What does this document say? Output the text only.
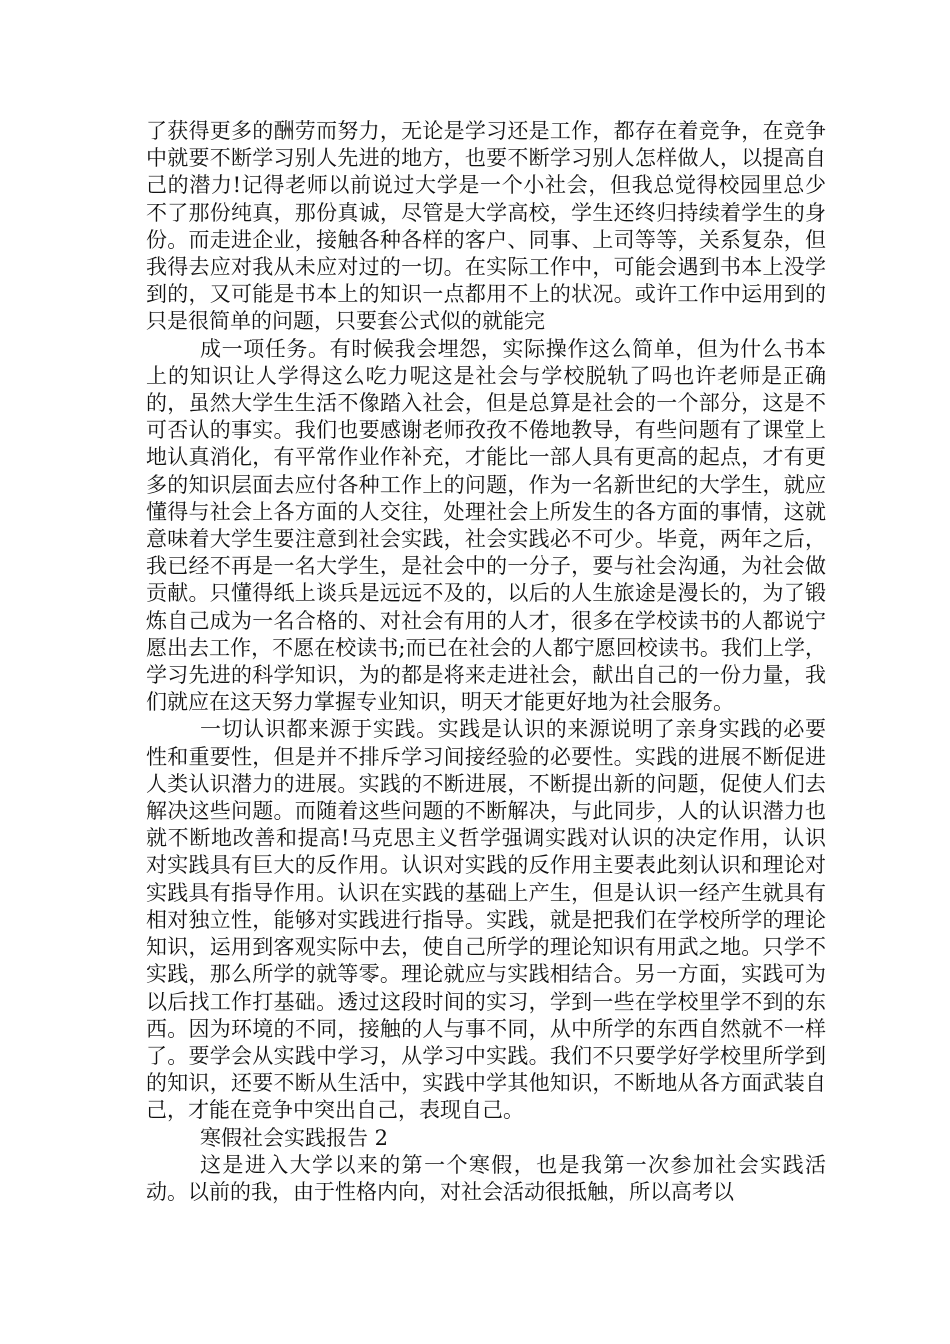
了获得更多的酬劳而努力，无论是学习还是工作，都存在着竞争，在竞争中就要不断学习别人先进的地方，也要不断学习别人怎样做人，以提高自己的潜力!记得老师以前说过大学是一个小社会，但我总觉得校园里总少不了那份纯真，那份真诚，尽管是大学高校，学生还终归持续着学生的身份。而走进企业，接触各种各样的客户、同事、上司等等，关系复杂，但我得去应对我从未应对过的一切。在实际工作中，可能会遇到书本上没学到的，又可能是书本上的知识一点都用不上的状况。或许工作中运用到的只是很简单的问题，只要套公式似的就能完

成一项任务。有时候我会埋怨，实际操作这么简单，但为什么书本上的知识让人学得这么吃力呢这是社会与学校脱轨了吗也许老师是正确的，虽然大学生生活不像踏入社会，但是总算是社会的一个部分，这是不可否认的事实。我们也要感谢老师孜孜不倦地教导，有些问题有了课堂上地认真消化，有平常作业作补充，才能比一部人具有更高的起点，才有更多的知识层面去应付各种工作上的问题，作为一名新世纪的大学生，就应懂得与社会上各方面的人交往，处理社会上所发生的各方面的事情，这就意味着大学生要注意到社会实践，社会实践必不可少。毕竟，两年之后，我已经不再是一名大学生，是社会中的一分子，要与社会沟通，为社会做贡献。只懂得纸上谈兵是远远不及的，以后的人生旅途是漫长的，为了锻炼自己成为一名合格的、对社会有用的人才，很多在学校读书的人都说宁愿出去工作，不愿在校读书;而已在社会的人都宁愿回校读书。我们上学，学习先进的科学知识，为的都是将来走进社会，献出自己的一份力量，我们就应在这天努力掌握专业知识，明天才能更好地为社会服务。

一切认识都来源于实践。实践是认识的来源说明了亲身实践的必要性和重要性，但是并不排斥学习间接经验的必要性。实践的进展不断促进人类认识潜力的进展。实践的不断进展，不断提出新的问题，促使人们去解决这些问题。而随着这些问题的不断解决，与此同步，人的认识潜力也就不断地改善和提高!马克思主义哲学强调实践对认识的决定作用，认识对实践具有巨大的反作用。认识对实践的反作用主要表此刻认识和理论对实践具有指导作用。认识在实践的基础上产生，但是认识一经产生就具有相对独立性，能够对实践进行指导。实践，就是把我们在学校所学的理论知识，运用到客观实际中去，使自己所学的理论知识有用武之地。只学不实践，那么所学的就等零。理论就应与实践相结合。另一方面，实践可为以后找工作打基础。透过这段时间的实习，学到一些在学校里学不到的东西。因为环境的不同，接触的人与事不同，从中所学的东西自然就不一样了。要学会从实践中学习，从学习中实践。我们不只要学好学校里所学到的知识，还要不断从生活中，实践中学其他知识，不断地从各方面武装自己，才能在竞争中突出自己，表现自己。

寒假社会实践报告 2

这是进入大学以来的第一个寒假，也是我第一次参加社会实践活动。以前的我，由于性格内向，对社会活动很抵触，所以高考以
